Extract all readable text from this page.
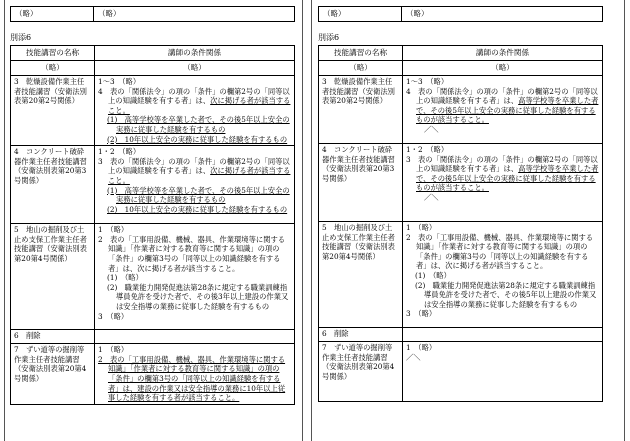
（略）	（略）
別添6
技能講習の名称	講師の条件関係
（略）	（略）
3　乾燥設備作業主任者技能講習（安衛法別表第20第2号関係）	1～3　（略）
4　表の「関係法令」の項の「条件」の欄第2号の「同等以上の知識経験を有する者」は、次に掲げる者が該当すること。
(1)　高等学校等を卒業した者で、その後5年以上安全の実務に従事した経験を有するもの
(2)　10年以上安全の実務に従事した経験を有するもの

4　コンクリート破砕器作業主任者技能講習（安衛法別表第20第3号関係）	1・2　（略）
3　表の「関係法令」の項の「条件」の欄第2号の「同等以上の知識経験を有する者」は、次に掲げる者が該当すること。
(1)　高等学校等を卒業した者で、その後5年以上安全の実務に従事した経験を有するもの
(2)　10年以上安全の実務に従事した経験を有するもの

5　地山の掘削及び土止め支保工作業主任者技能講習（安衛法別表第20第4号関係）	1　（略）
2　表の「工事用設備、機械、器具、作業環境等に関する知識」「作業者に対する教育等に関する知識」の項の「条件」の欄第3号の「同等以上の知識経験を有する者」は、次に掲げる者が該当すること。
(1)　（略）
(2)　職業能力開発促進法第28条に規定する職業訓練指導員免許を受けた者で、その後3年以上建設の作業又は安全指導の業務に従事した経験を有するもの
3　（略）

6　削除	
7　ずい道等の掘削等作業主任者技能講習（安衛法別表第20第4号関係）	1　（略）
2　表の「工事用設備、機械、器具、作業環境等に関する知識」「作業者に対する教育等に関する知識」の項の「条件」の欄第3号の「同等以上の知識経験を有する者」は、建設の作業又は安全指導の業務に10年以上従事した経験を有する者が該当すること。
（略）	（略）
別添6
技能講習の名称	講師の条件関係
（略）	（略）
3　乾燥設備作業主任者技能講習（安衛法別表第20第2号関係）	1～3　（略）
4　表の「関係法令」の項の「条件」の欄第2号の「同等以上の知識経験を有する者」は、高等学校等を卒業した者で、その後5年以上安全の実務に従事した経験を有するものが該当すること。
／＼

4　コンクリート破砕器作業主任者技能講習（安衛法別表第20第3号関係）	1・2　（略）
3　表の「関係法令」の項の「条件」の欄第2号の「同等以上の知識経験を有する者」は、高等学校等を卒業した者で、その後5年以上安全の実務に従事した経験を有するものが該当すること。
／＼

5　地山の掘削及び土止め支保工作業主任者技能講習（安衛法別表第20第4号関係）	1　（略）
2　表の「工事用設備、機械、器具、作業環境等に関する知識」「作業者に対する教育等に関する知識」の項の「条件」の欄第3号の「同等以上の知識経験を有する者」は、次に掲げる者が該当すること。
(1)　（略）
(2)　職業能力開発促進法第28条に規定する職業訓練指導員免許を受けた者で、その後5年以上建設の作業又は安全指導の業務に従事した経験を有するもの
3　（略）

6　削除	
7　ずい道等の掘削等作業主任者技能講習（安衛法別表第20第4号関係）	1　（略）
／＼
